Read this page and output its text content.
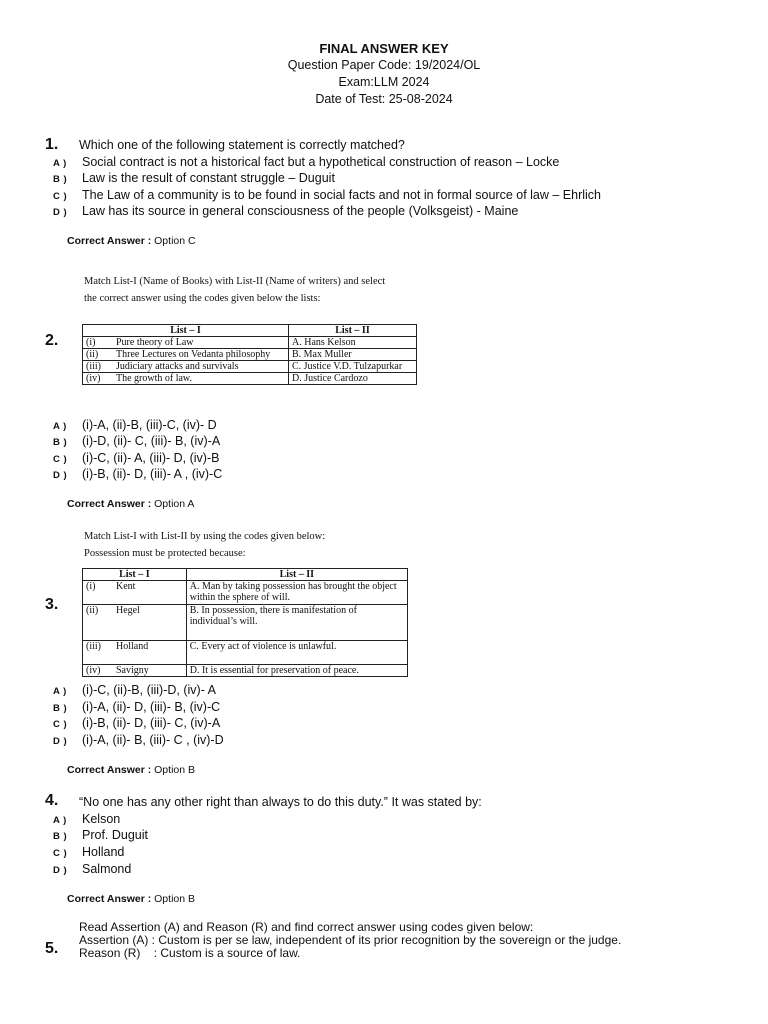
FINAL ANSWER KEY
Question Paper Code: 19/2024/OL
Exam:LLM 2024
Date of Test: 25-08-2024
1. Which one of the following statement is correctly matched?
A ) Social contract is not a historical fact but a hypothetical construction of reason – Locke
B ) Law is the result of constant struggle – Duguit
C ) The Law of a community is to be found in social facts and not in formal source of law – Ehrlich
D ) Law has its source in general consciousness of the people (Volksgeist) - Maine
Correct Answer : Option C
Match List-I (Name of Books) with List-II (Name of writers) and select
the correct answer using the codes given below the lists:
2.
List – I		List – II
(i)	Pure theory of Law	A. Hans Kelson
(ii)	Three Lectures on Vedanta philosophy	B. Max Muller
(iii)	Judiciary attacks and survivals	C. Justice V.D. Tulzapurkar
(iv)	The growth of law.	D. Justice Cardozo
A ) (i)-A, (ii)-B, (iii)-C, (iv)- D
B ) (i)-D, (ii)- C, (iii)- B, (iv)-A
C ) (i)-C, (ii)- A, (iii)- D, (iv)-B
D ) (i)-B, (ii)- D, (iii)- A , (iv)-C
Correct Answer : Option A
Match List-I with List-II by using the codes given below:
Possession must be protected because:
3.
List – I		List – II
(i)	Kent	A. Man by taking possession has brought the object within the sphere of will.
(ii)	Hegel	B. In possession, there is manifestation of individual’s will.
(iii)	Holland	C. Every act of violence is unlawful.
(iv)	Savigny	D. It is essential for preservation of peace.
A ) (i)-C, (ii)-B, (iii)-D, (iv)- A
B ) (i)-A, (ii)- D, (iii)- B, (iv)-C
C ) (i)-B, (ii)- D, (iii)- C, (iv)-A
D ) (i)-A, (ii)- B, (iii)- C , (iv)-D
Correct Answer : Option B
4. “No one has any other right than always to do this duty.” It was stated by:
A ) Kelson
B ) Prof. Duguit
C ) Holland
D ) Salmond
Correct Answer : Option B
5.
Read Assertion (A) and Reason (R) and find correct answer using codes given below:
Assertion (A) : Custom is per se law, independent of its prior recognition by the sovereign or the judge.
Reason (R)    : Custom is a source of law.
